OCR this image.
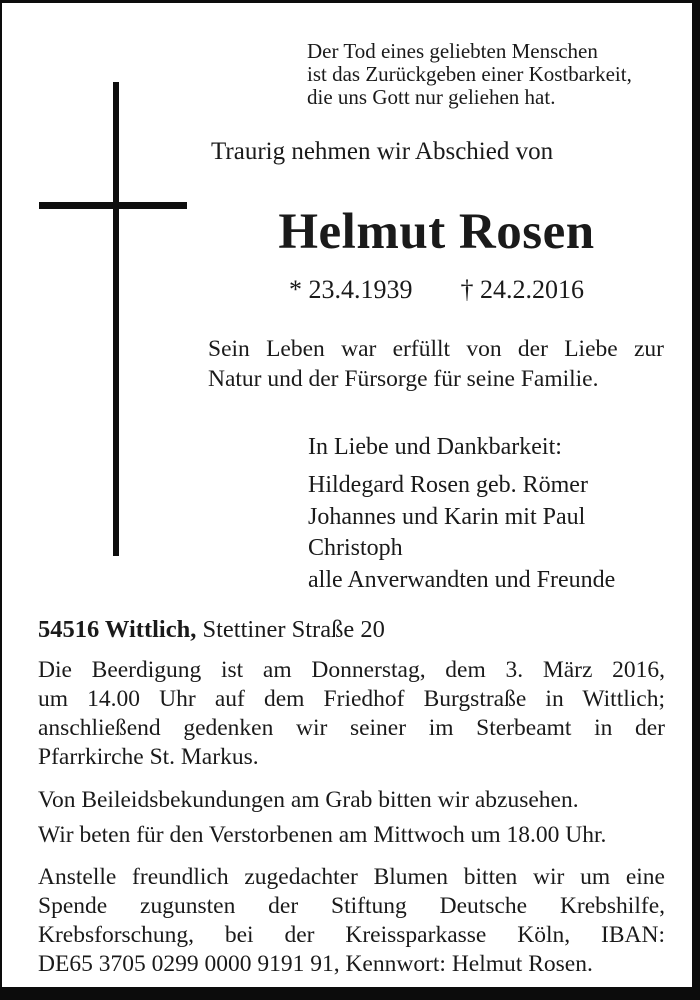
Der Tod eines geliebten Menschen
ist das Zurückgeben einer Kostbarkeit,
die uns Gott nur geliehen hat.
Traurig nehmen wir Abschied von
Helmut Rosen
* 23.4.1939 † 24.2.2016
Sein Leben war erfüllt von der Liebe zur
Natur und der Fürsorge für seine Familie.
In Liebe und Dankbarkeit:
Hildegard Rosen geb. Römer
Johannes und Karin mit Paul
Christoph
alle Anverwandten und Freunde
54516 Wittlich, Stettiner Straße 20
Die Beerdigung ist am Donnerstag, dem 3. März 2016,
um 14.00 Uhr auf dem Friedhof Burgstraße in Wittlich;
anschließend gedenken wir seiner im Sterbeamt in der
Pfarrkirche St. Markus.
Von Beileidsbekundungen am Grab bitten wir abzusehen.
Wir beten für den Verstorbenen am Mittwoch um 18.00 Uhr.
Anstelle freundlich zugedachter Blumen bitten wir um eine
Spende zugunsten der Stiftung Deutsche Krebshilfe,
Krebsforschung, bei der Kreissparkasse Köln, IBAN:
DE65 3705 0299 0000 9191 91, Kennwort: Helmut Rosen.
